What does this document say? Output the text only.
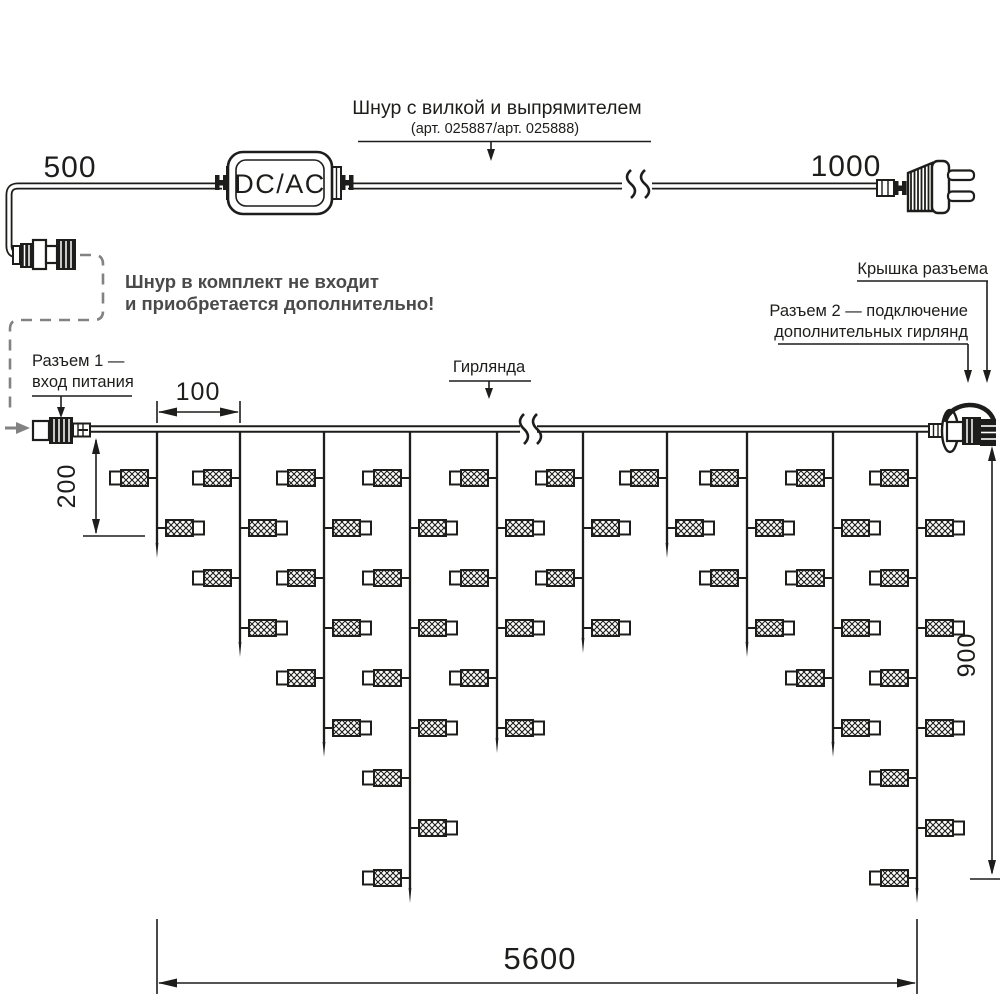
DC/AC
Шнур с вилкой и выпрямителем
(арт. 025887/арт. 025888)
500	1000
Шнур в комплект не входит
и приобретается дополнительно!
Разъем 1 —
вход питания
Гирлянда
Крышка разъема
Разъем 2 — подключение
дополнительных гирлянд
100
200
900
5600
